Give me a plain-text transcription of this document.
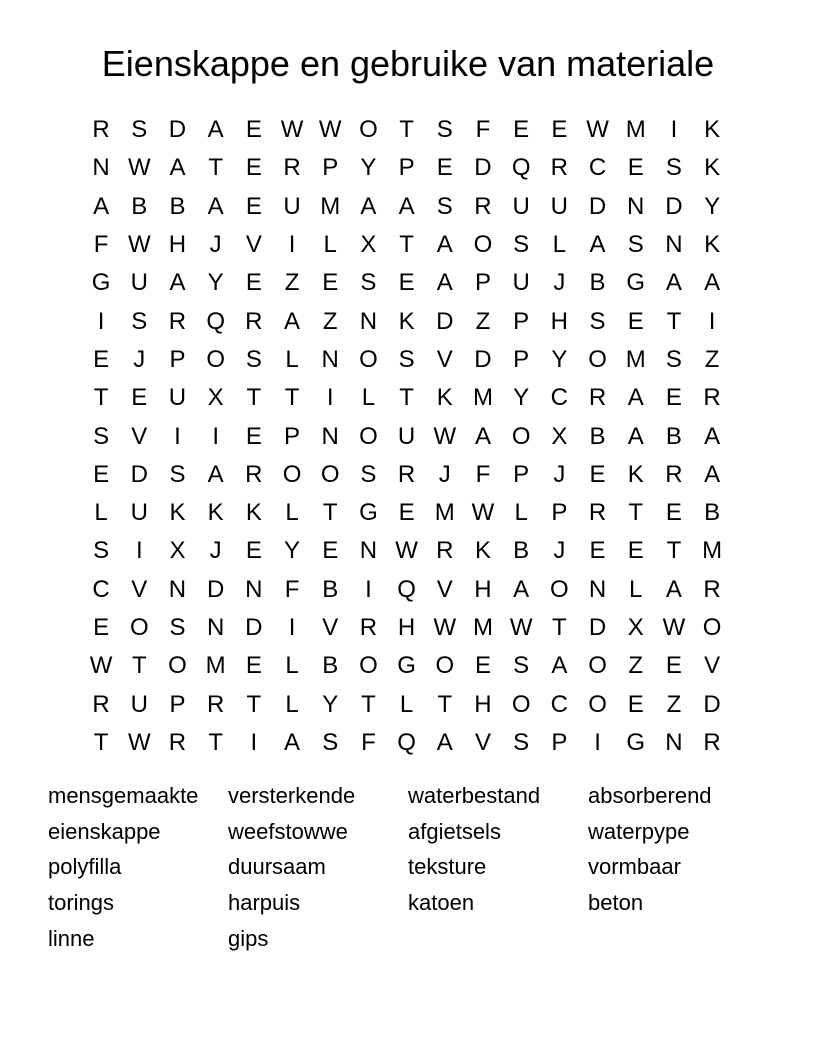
Eienskappe en gebruike van materiale
R S D A E W W O T S F E E W M	I	K
N W A T E R P Y P E D Q R C E S K
A B B A E U M A A S R U U D N D Y
F W H J	V	I	L X T A O S L A S N K
G U A Y E Z E S E A P U J	B G A A
I	S R Q R A Z N K D Z P H S E T	I
E	J	P O S L N O S V D P Y O M S Z
T E U X T T	I	L	T K M Y C R A E R
S V	I	I	E P N O U W A O X B A B A
E D S A R O O S R J	F P	J	E K R A
L U K K K L	T G E M W L P R T E B
S	I	X	J	E Y E N W R K B	J	E E T M
C V N D N F B	I	Q V H A O N L A R
E O S N D	I	V R H W M W T D X W O
W T O M E L B O G O E S A O Z E V
R U P R T	L Y T	L	T H O C O E Z D
T W R T	I	A S F Q A V S P	I	G N R
mensgemaakte
eienskappe
polyfilla
torings
linne
versterkende
weefstowwe
duursaam
harpuis
gips
waterbestand
afgietsels
teksture
katoen
absorberend
waterpype
vormbaar
beton
